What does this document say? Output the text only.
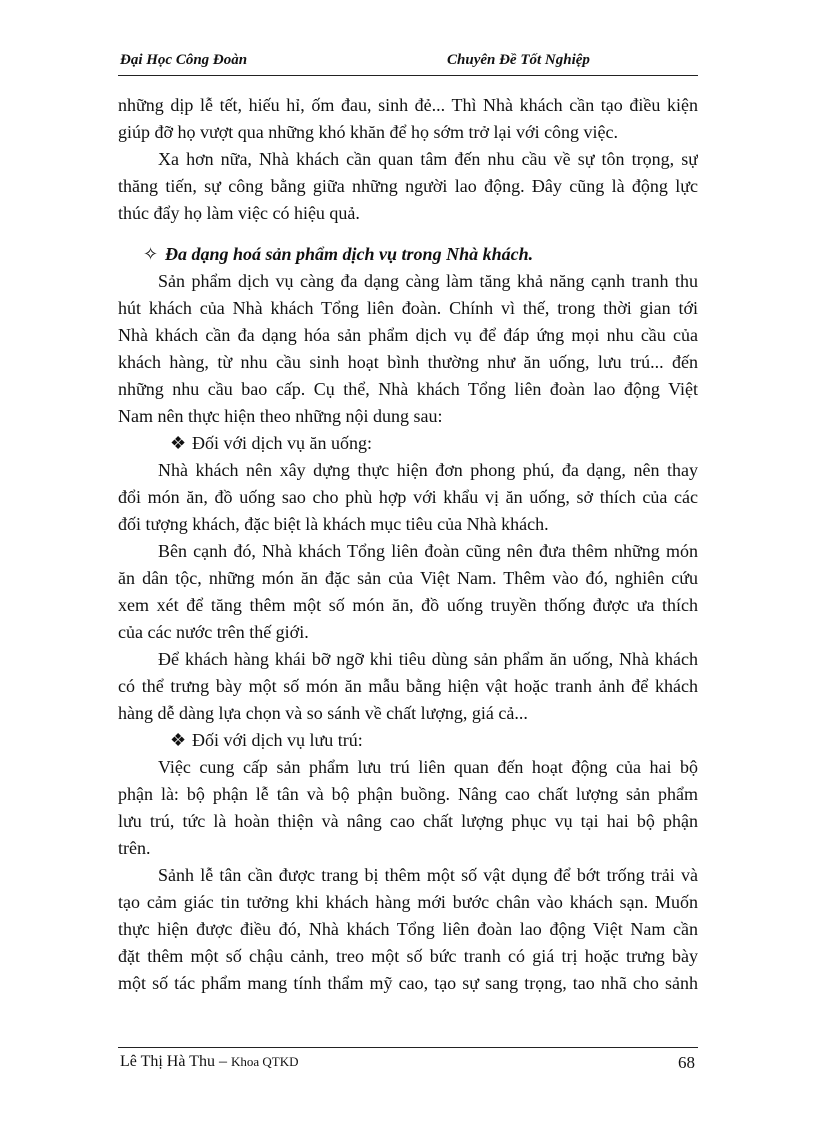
Đại Học Công Đoàn	Chuyên Đề Tốt Nghiệp
những dịp lễ tết, hiếu hỉ, ốm đau, sinh đẻ... Thì Nhà khách cần tạo điều kiện
giúp đỡ họ vượt qua những khó khăn để họ sớm trở lại với công việc.
Xa hơn nữa, Nhà khách cần quan tâm đến nhu cầu về sự tôn trọng, sự
thăng tiến, sự công bằng giữa những người lao động. Đây cũng là động lực
thúc đẩy họ làm việc có hiệu quả.
✧ Đa dạng hoá sản phẩm dịch vụ trong Nhà khách.
Sản phẩm dịch vụ càng đa dạng càng làm tăng khả năng cạnh tranh thu
hút khách của Nhà khách Tổng liên đoàn. Chính vì thế, trong thời gian tới
Nhà khách cần đa dạng hóa sản phẩm dịch vụ để đáp ứng mọi nhu cầu của
khách hàng, từ nhu cầu sinh hoạt bình thường như ăn uống, lưu trú... đến
những nhu cầu bao cấp. Cụ thể, Nhà khách Tổng liên đoàn lao động Việt
Nam nên thực hiện theo những nội dung sau:
❖ Đối với dịch vụ ăn uống:
Nhà khách nên xây dựng thực hiện đơn phong phú, đa dạng, nên thay
đổi món ăn, đồ uống sao cho phù hợp với khẩu vị ăn uống, sở thích của các
đối tượng khách, đặc biệt là khách mục tiêu của Nhà khách.
Bên cạnh đó, Nhà khách Tổng liên đoàn cũng nên đưa thêm những món
ăn dân tộc, những món ăn đặc sản của Việt Nam. Thêm vào đó, nghiên cứu
xem xét để tăng thêm một số món ăn, đồ uống truyền thống được ưa thích
của các nước trên thế giới.
Để khách hàng khái bỡ ngỡ khi tiêu dùng sản phẩm ăn uống, Nhà khách
có thể trưng bày một số món ăn mẫu bằng hiện vật hoặc tranh ảnh để khách
hàng dễ dàng lựa chọn và so sánh về chất lượng, giá cả...
❖ Đối với dịch vụ lưu trú:
Việc cung cấp sản phẩm lưu trú liên quan đến hoạt động của hai bộ
phận là: bộ phận lễ tân và bộ phận buồng. Nâng cao chất lượng sản phẩm
lưu trú, tức là hoàn thiện và nâng cao chất lượng phục vụ tại hai bộ phận
trên.
Sảnh lễ tân cần được trang bị thêm một số vật dụng để bớt trống trải và
tạo cảm giác tin tưởng khi khách hàng mới bước chân vào khách sạn. Muốn
thực hiện được điều đó, Nhà khách Tổng liên đoàn lao động Việt Nam cần
đặt thêm một số chậu cảnh, treo một số bức tranh có giá trị hoặc trưng bày
một số tác phẩm mang tính thẩm mỹ cao, tạo sự sang trọng, tao nhã cho sảnh
Lê Thị Hà Thu – Khoa QTKD	68
